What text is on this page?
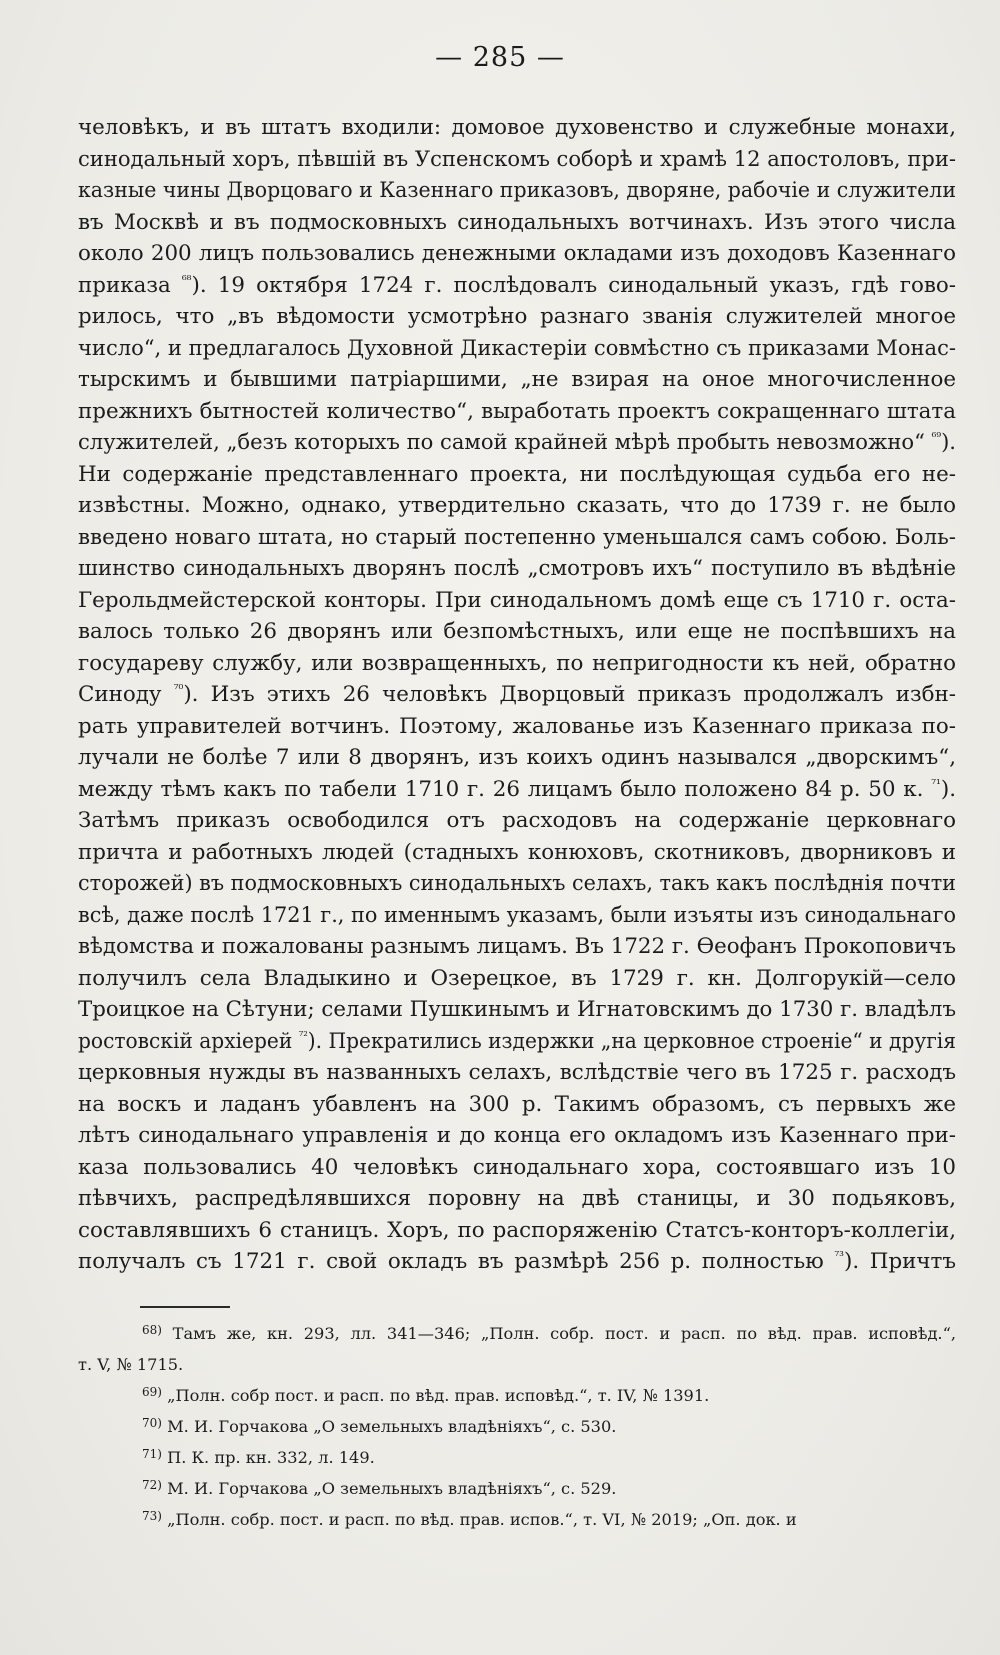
— 285 —
человѣкъ, и въ штатъ входили: домовое духовенство и служебные монахи,
синодальный хоръ, пѣвшій въ Успенскомъ соборѣ и храмѣ 12 апостоловъ, при-
казные чины Дворцоваго и Казеннаго приказовъ, дворяне, рабочіе и служители
въ Москвѣ и въ подмосковныхъ синодальныхъ вотчинахъ. Изъ этого числа
около 200 лицъ пользовались денежными окладами изъ доходовъ Казеннаго
приказа $^{^{68}}$). 19 октября 1724 г. послѣдовалъ синодальный указъ, гдѣ гово-
рилось, что „въ вѣдомости усмотрѣно разнаго званія служителей многое
число“, и предлагалось Духовной Дикастеріи совмѣстно съ приказами Монас-
тырскимъ и бывшими патріаршими, „не взирая на оное многочисленное
прежнихъ бытностей количество“, выработать проектъ сокращеннаго штата
служителей, „безъ которыхъ по самой крайней мѣрѣ пробыть невозможно“ $^{^{69}}$).
Ни содержаніе представленнаго проекта, ни послѣдующая судьба его не-
извѣстны. Можно, однако, утвердительно сказать, что до 1739 г. не было
введено новаго штата, но старый постепенно уменьшался самъ собою. Боль-
шинство синодальныхъ дворянъ послѣ „смотровъ ихъ“ поступило въ вѣдѣніе
Герольдмейстерской конторы. При синодальномъ домѣ еще съ 1710 г. оста-
валось только 26 дворянъ или безпомѣстныхъ, или еще не поспѣвшихъ на
государеву службу, или возвращенныхъ, по непригодности къ ней, обратно
Синоду $^{^{70}}$). Изъ этихъ 26 человѣкъ Дворцовый приказъ продолжалъ избн-
рать управителей вотчинъ. Поэтому, жалованье изъ Казеннаго приказа по-
лучали не болѣе 7 или 8 дворянъ, изъ коихъ одинъ назывался „дворскимъ“,
между тѣмъ какъ по табели 1710 г. 26 лицамъ было положено 84 р. 50 к. $^{^{71}}$).
Затѣмъ приказъ освободился отъ расходовъ на содержаніе церковнаго
причта и работныхъ людей (стадныхъ конюховъ, скотниковъ, дворниковъ и
сторожей) въ подмосковныхъ синодальныхъ селахъ, такъ какъ послѣднія почти
всѣ, даже послѣ 1721 г., по именнымъ указамъ, были изъяты изъ синодальнаго
вѣдомства и пожалованы разнымъ лицамъ. Въ 1722 г. Ѳеофанъ Прокоповичъ
получилъ села Владыкино и Озерецкое, въ 1729 г. кн. Долгорукій—село
Троицкое на Сѣтуни; селами Пушкинымъ и Игнатовскимъ до 1730 г. владѣлъ
ростовскій архіерей $^{^{72}}$). Прекратились издержки „на церковное строеніе“ и другія
церковныя нужды въ названныхъ селахъ, вслѣдствіе чего въ 1725 г. расходъ
на воскъ и ладанъ убавленъ на 300 р. Такимъ образомъ, съ первыхъ же
лѣтъ синодальнаго управленія и до конца его окладомъ изъ Казеннаго при-
каза пользовались 40 человѣкъ синодальнаго хора, состоявшаго изъ 10
пѣвчихъ, распредѣлявшихся поровну на двѣ станицы, и 30 подьяковъ,
составлявшихъ 6 станицъ. Хоръ, по распоряженію Статсъ-конторъ-коллегіи,
получалъ съ 1721 г. свой окладъ въ размѣрѣ 256 р. полностью $^{^{73}}$). Причтъ
$^{68)}$ Тамъ же, кн. 293, лл. 341—346; „Полн. собр. пост. и расп. по вѣд. прав. исповѣд.“,
т. V, № 1715.
$^{69)}$ „Полн. собр пост. и расп. по вѣд. прав. исповѣд.“, т. IV, № 1391.
$^{70)}$ М. И. Горчакова „О земельныхъ владѣніяхъ“, с. 530.
$^{71)}$ П. К. пр. кн. 332, л. 149.
$^{72)}$ М. И. Горчакова „О земельныхъ владѣніяхъ“, с. 529.
$^{73)}$ „Полн. собр. пост. и расп. по вѣд. прав. испов.“, т. VI, № 2019; „Оп. док. и
